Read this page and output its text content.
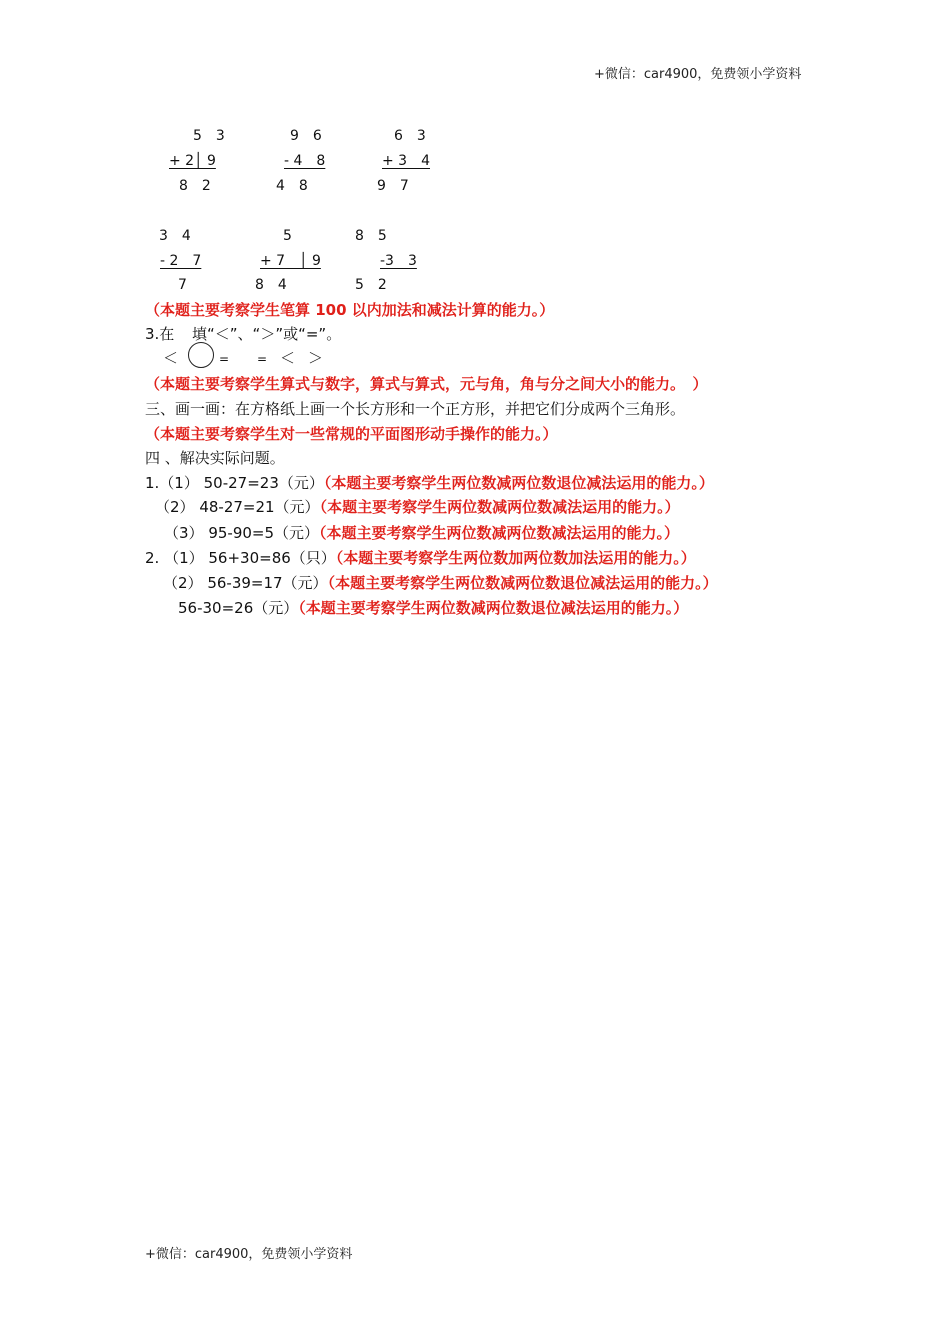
+微信：car4900，免费领小学资料
5　3
+ 2│ 9
8　2
9　6
- 4　8
4　8
6　3
+ 3　4
9　7
3　4
- 2　7
7
5
+ 7　│ 9
8　4
8　5
-3　3
5　2
（本题主要考察学生笔算 100 以内加法和减法计算的能力。）
3.在 填“＜”、“＞”或“=”。
＜	= = ＜ ＞
（本题主要考察学生算式与数字，算式与算式，元与角，角与分之间大小的能力。　）
三、画一画：在方格纸上画一个长方形和一个正方形，并把它们分成两个三角形。
（本题主要考察学生对一些常规的平面图形动手操作的能力。）
四 、解决实际问题。
1.（1） 50-27=23（元）（本题主要考察学生两位数减两位数退位减法运用的能力。）
（2） 48-27=21（元）（本题主要考察学生两位数减两位数减法运用的能力。）
（3） 95-90=5（元）（本题主要考察学生两位数减两位数减法运用的能力。）
2. （1） 56+30=86（只）（本题主要考察学生两位数加两位数加法运用的能力。）
（2） 56-39=17（元）（本题主要考察学生两位数减两位数退位减法运用的能力。）
56-30=26（元）（本题主要考察学生两位数减两位数退位减法运用的能力。）
+微信：car4900，免费领小学资料
